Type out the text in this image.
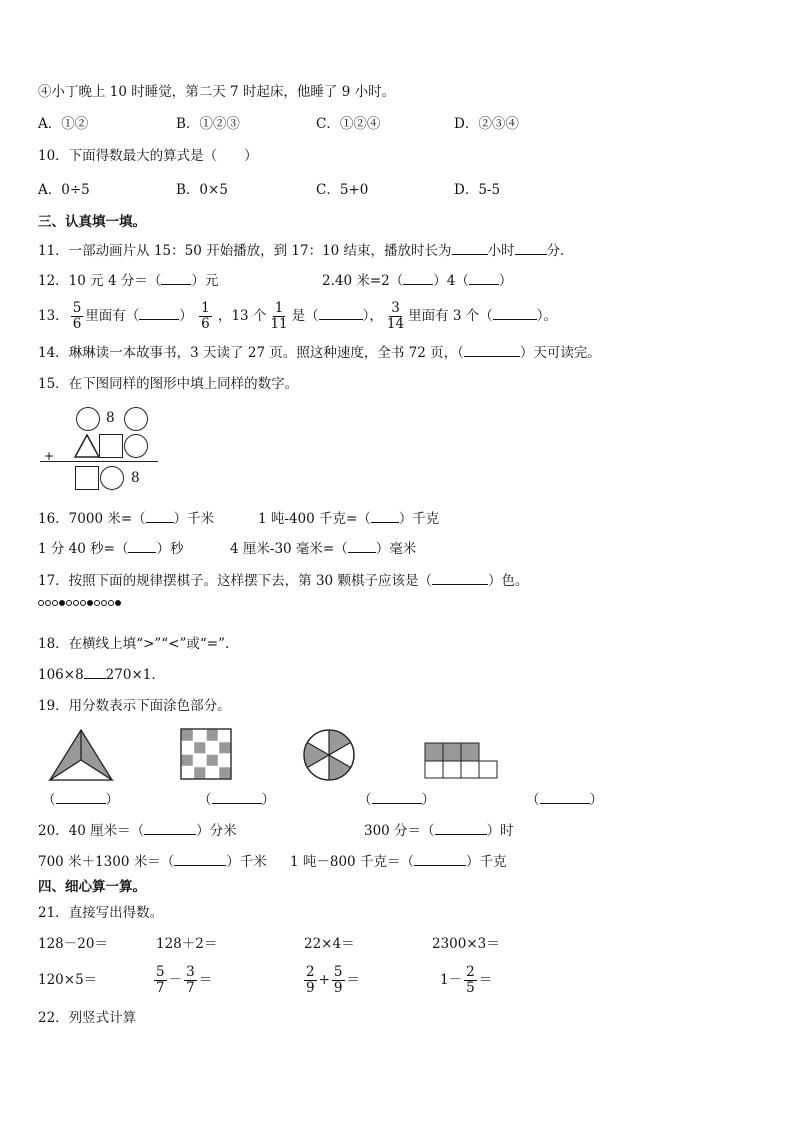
④小丁晚上 10 时睡觉，第二天 7 时起床，他睡了 9 小时。
A．①②	B．①②③	C．①②④	D．②③④
10．下面得数最大的算式是（　　）
A．0÷5	B．0×5	C．5+0	D．5-5
三、认真填一填。
11．一部动画片从 15：50 开始播放，到 17：10 结束，播放时长为	小时 分．
12．10 元 4 分＝（ ）元	2.40 米=2（ ）4（ ）
13． $\frac{5}{6}$ 里面有（	） $\frac{1}{6}$ ，13 个 $\frac{1}{11}$ 是（	）， $\frac{3}{14}$ 里面有 3 个（	）。
14．琳琳读一本故事书，3 天读了 27 页。照这种速度，全书 72 页，（	）天可读完。
15．在下图同样的图形中填上同样的数字。
8
+
8
16．7000 米=（ ）千米	1 吨-400 千克=（ ）千克
1 分 40 秒=（ ）秒	4 厘米-30 毫米=（ ）毫米
17．按照下面的规律摆棋子。这样摆下去，第 30 颗棋子应该是（	）色。
18．在横线上填“>”“<”或“=”.
106×8 270×1.
19．用分数表示下面涂色部分。
（	）	（	）	（	）	（	）
20．40 厘米＝（	）分米	300 分＝（	）时
700 米＋1300 米＝（	）千米 1 吨－800 千克＝（	）千克
四、细心算一算。
21．直接写出得数。
128－20＝	128＋2＝	22×4＝	2300×3＝
120×5＝	$\frac{5}{7} - \frac{3}{7}$ ＝	$\frac{2}{9} + \frac{5}{9}$ ＝	$1- \frac{2}{5}$ ＝
22．列竖式计算
